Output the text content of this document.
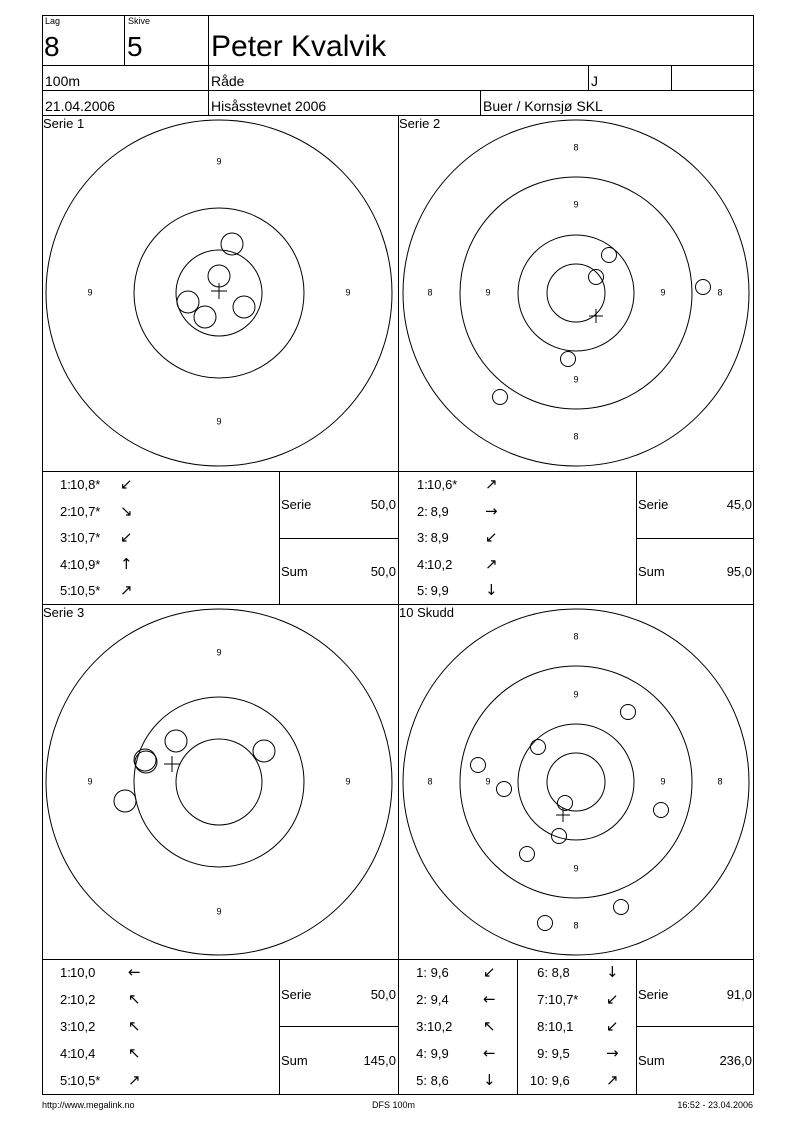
9
9	9
9
8
9
8	9	9	8
9
8
9
9	9
9
8
9
8	9	9	8
9
8
Lag
8
Skive
5 Peter Kvalvik
100m	Råde	J
21.04.2006	Hisåsstevnet 2006	Buer / Kornsjø SKL
Serie 1	Serie 2
Serie 3	10 Skudd
1:10,8* ↙
2:10,7* ↘
3:10,7* ↙
4:10,9* ↑
5:10,5* ↗
1:10,6* ↗
2: 8,9 →
3: 8,9 ↙
4:10,2 ↗
5: 9,9 ↓
1:10,0 ←
2:10,2 ↖
3:10,2 ↖
4:10,4 ↖
5:10,5* ↗
1: 9,6 ↙
2: 9,4 ←
3:10,2 ↖
4: 9,9 ←
5: 8,6 ↓
6: 8,8 ↓
7:10,7* ↙
8:10,1 ↙
9: 9,5 →
10: 9,6 ↗
Serie	50,0
Sum	50,0
Serie	45,0
Sum	95,0
Serie	50,0
Sum	145,0
Serie	91,0
Sum	236,0
http://www.megalink.no	DFS 100m	16:52 - 23.04.2006
